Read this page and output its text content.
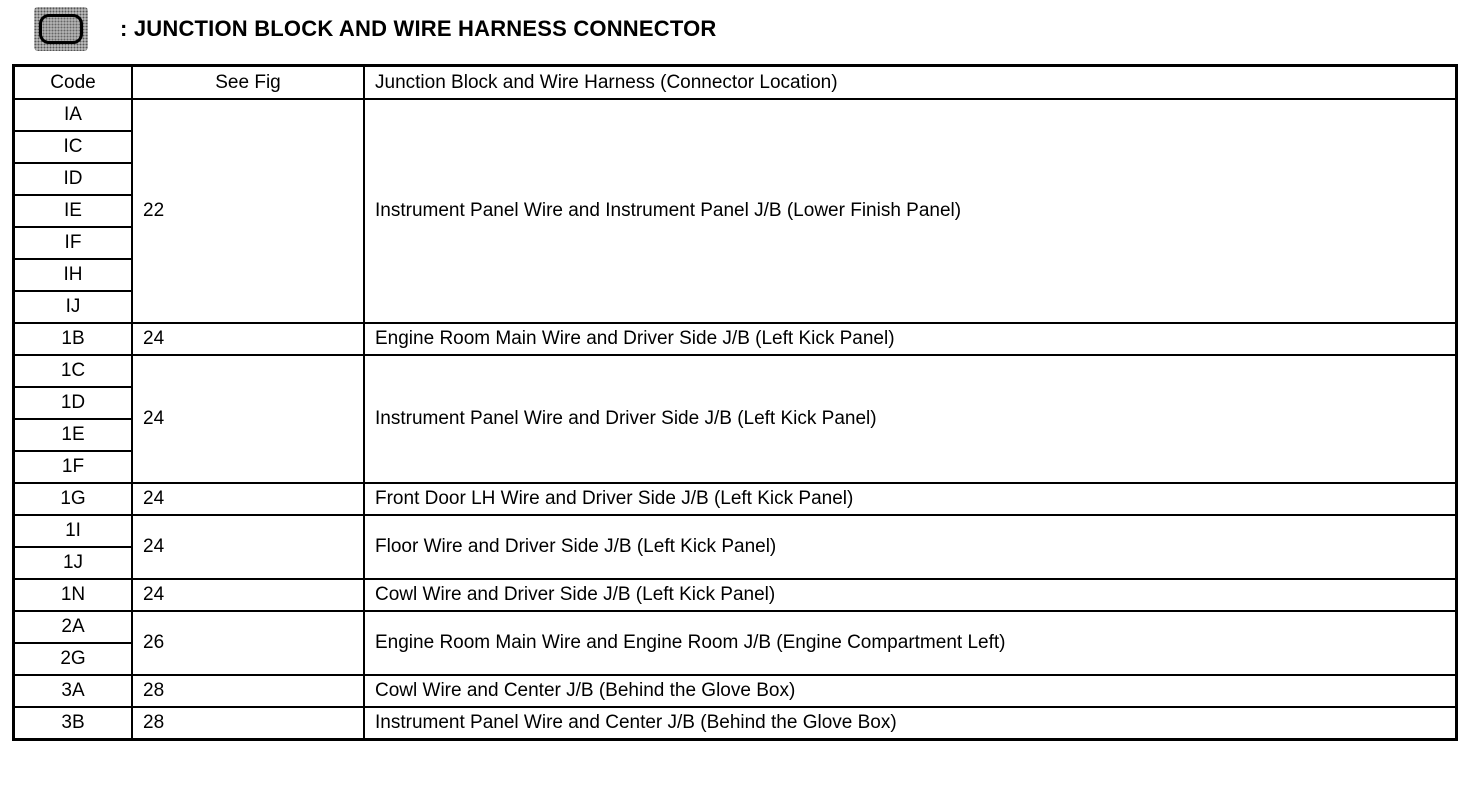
: JUNCTION BLOCK AND WIRE HARNESS CONNECTOR
Code	See Fig	Junction Block and Wire Harness (Connector Location)
IA	22	Instrument Panel Wire and Instrument Panel J/B (Lower Finish Panel)
IC		
ID		
IE		
IF		
IH		
IJ		
1B	24	Engine Room Main Wire and Driver Side J/B (Left Kick Panel)
1C	24	Instrument Panel Wire and Driver Side J/B (Left Kick Panel)
1D		
1E		
1F		
1G	24	Front Door LH Wire and Driver Side J/B (Left Kick Panel)
1I	24	Floor Wire and Driver Side J/B (Left Kick Panel)
1J		
1N	24	Cowl Wire and Driver Side J/B (Left Kick Panel)
2A	26	Engine Room Main Wire and Engine Room J/B (Engine Compartment Left)
2G		
3A	28	Cowl Wire and Center J/B (Behind the Glove Box)
3B	28	Instrument Panel Wire and Center J/B (Behind the Glove Box)
